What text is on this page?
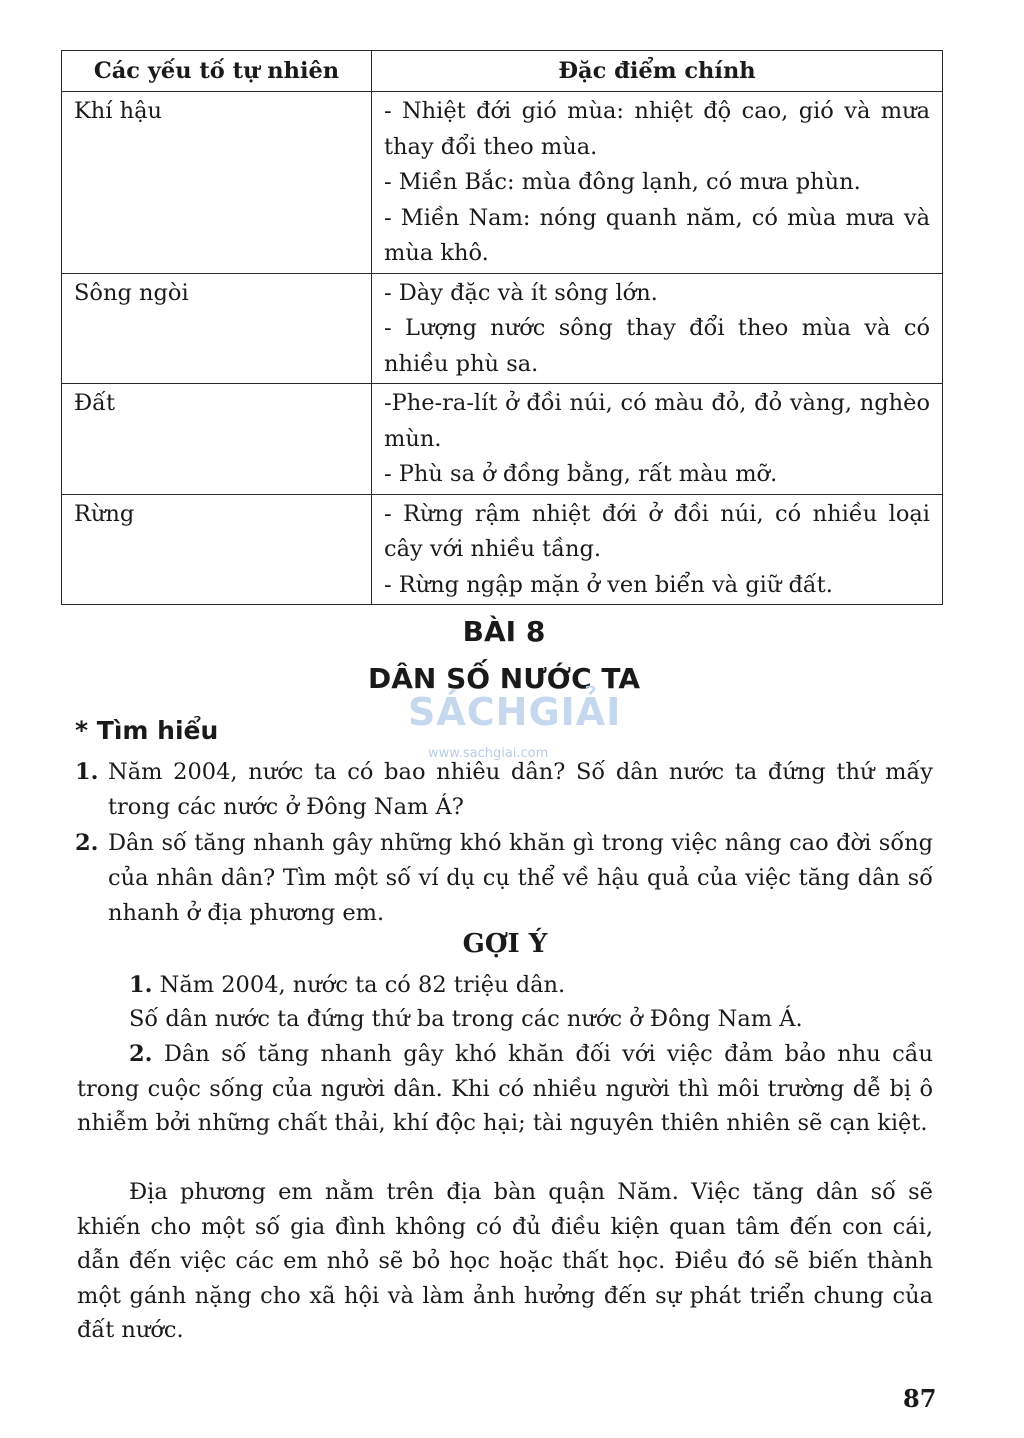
Các yếu tố tự nhiên	Đặc điểm chính
Khí hậu	- Nhiệt đới gió mùa: nhiệt độ cao, gió và mưa thay đổi theo mùa.
- Miền Bắc: mùa đông lạnh, có mưa phùn.
- Miền Nam: nóng quanh năm, có mùa mưa và mùa khô.

Sông ngòi	- Dày đặc và ít sông lớn.
- Lượng nước sông thay đổi theo mùa và có nhiều phù sa.

Đất	-Phe-ra-lít ở đồi núi, có màu đỏ, đỏ vàng, nghèo mùn.
- Phù sa ở đồng bằng, rất màu mỡ.

Rừng	- Rừng rậm nhiệt đới ở đồi núi, có nhiều loại cây với nhiều tầng.
- Rừng ngập mặn ở ven biển và giữ đất.
BÀI 8
DÂN SỐ NƯỚC TA
SÁCHGIẢI
www.sachgiai.com
* Tìm hiểu
1. Năm 2004, nước ta có bao nhiêu dân? Số dân nước ta đứng thứ mấy trong các nước ở Đông Nam Á?
2. Dân số tăng nhanh gây những khó khăn gì trong việc nâng cao đời sống của nhân dân? Tìm một số ví dụ cụ thể về hậu quả của việc tăng dân số nhanh ở địa phương em.
GỢI Ý
1. Năm 2004, nước ta có 82 triệu dân.
Số dân nước ta đứng thứ ba trong các nước ở Đông Nam Á.
2. Dân số tăng nhanh gây khó khăn đối với việc đảm bảo nhu cầu trong cuộc sống của người dân. Khi có nhiều người thì môi trường dễ bị ô nhiễm bởi những chất thải, khí độc hại; tài nguyên thiên nhiên sẽ cạn kiệt.
Địa phương em nằm trên địa bàn quận Năm. Việc tăng dân số sẽ khiến cho một số gia đình không có đủ điều kiện quan tâm đến con cái, dẫn đến việc các em nhỏ sẽ bỏ học hoặc thất học. Điều đó sẽ biến thành một gánh nặng cho xã hội và làm ảnh hưởng đến sự phát triển chung của đất nước.
87
